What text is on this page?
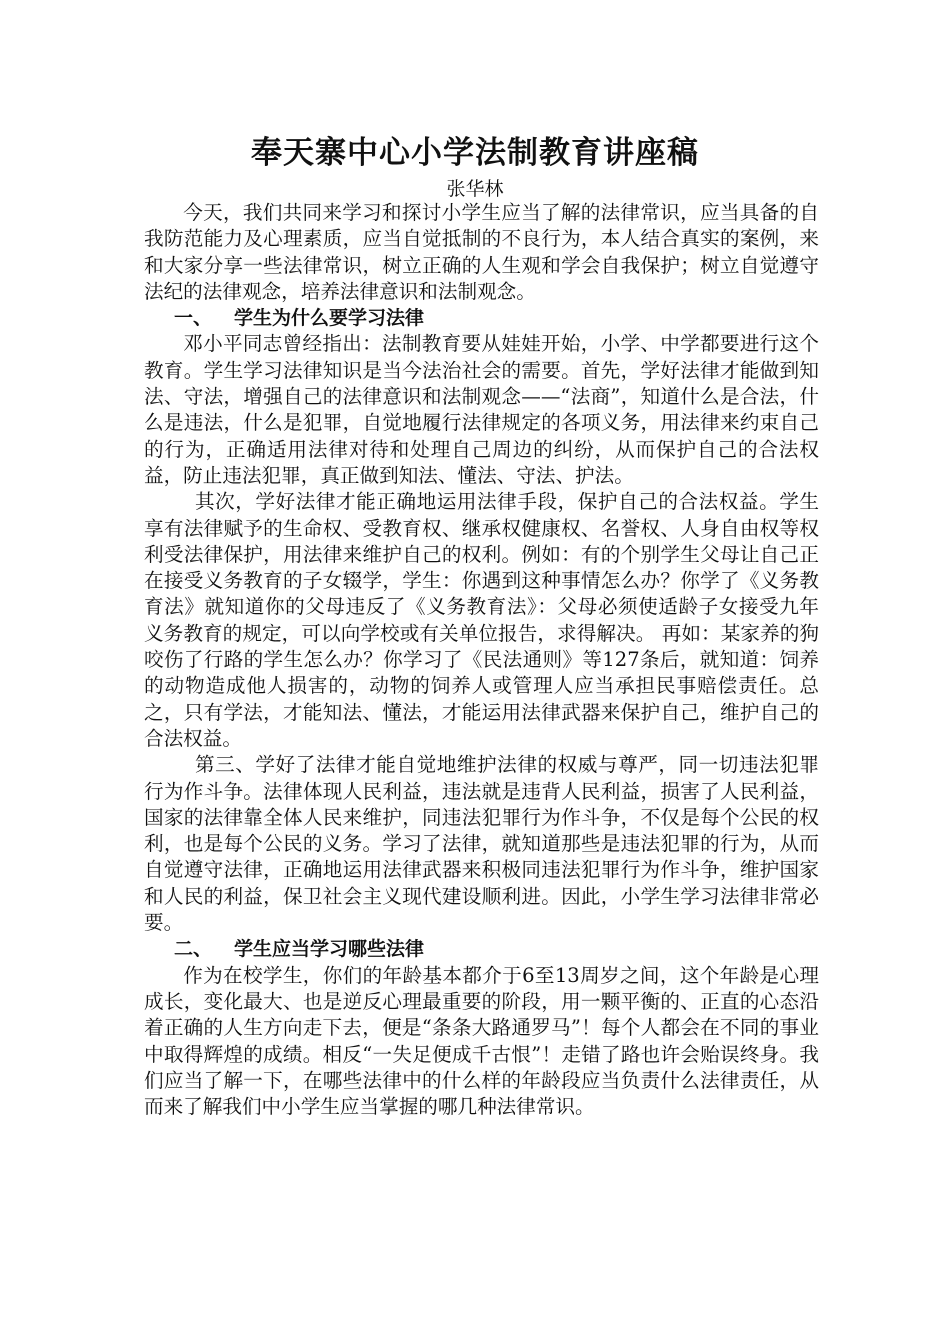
奉天寨中心小学法制教育讲座稿
张华林

今天，我们共同来学习和探讨小学生应当了解的法律常识，应当具备的自我防范能力及心理素质，应当自觉抵制的不良行为，本人结合真实的案例，来和大家分享一些法律常识，树立正确的人生观和学会自我保护；树立自觉遵守法纪的法律观念，培养法律意识和法制观念。

一、 学生为什么要学习法律

邓小平同志曾经指出：法制教育要从娃娃开始，小学、中学都要进行这个教育。学生学习法律知识是当今法治社会的需要。首先，学好法律才能做到知法、守法，增强自己的法律意识和法制观念——“法商”，知道什么是合法，什么是违法，什么是犯罪，自觉地履行法律规定的各项义务，用法律来约束自己的行为，正确适用法律对待和处理自己周边的纠纷，从而保护自己的合法权益，防止违法犯罪，真正做到知法、懂法、守法、护法。

其次，学好法律才能正确地运用法律手段，保护自己的合法权益。学生享有法律赋予的生命权、受教育权、继承权健康权、名誉权、人身自由权等权利受法律保护，用法律来维护自己的权利。例如：有的个别学生父母让自己正在接受义务教育的子女辍学，学生：你遇到这种事情怎么办？你学了《义务教育法》就知道你的父母违反了《义务教育法》：父母必须使适龄子女接受九年义务教育的规定，可以向学校或有关单位报告，求得解决。 再如：某家养的狗咬伤了行路的学生怎么办？你学习了《民法通则》等127条后，就知道：饲养的动物造成他人损害的，动物的饲养人或管理人应当承担民事赔偿责任。总之，只有学法，才能知法、懂法，才能运用法律武器来保护自己，维护自己的合法权益。

第三、学好了法律才能自觉地维护法律的权威与尊严，同一切违法犯罪行为作斗争。法律体现人民利益，违法就是违背人民利益，损害了人民利益，国家的法律靠全体人民来维护，同违法犯罪行为作斗争，不仅是每个公民的权利，也是每个公民的义务。学习了法律，就知道那些是违法犯罪的行为，从而自觉遵守法律，正确地运用法律武器来积极同违法犯罪行为作斗争，维护国家和人民的利益，保卫社会主义现代建设顺利进。因此，小学生学习法律非常必要。

二、 学生应当学习哪些法律

作为在校学生，你们的年龄基本都介于6至13周岁之间，这个年龄是心理成长，变化最大、也是逆反心理最重要的阶段，用一颗平衡的、正直的心态沿着正确的人生方向走下去，便是“条条大路通罗马”！每个人都会在不同的事业中取得辉煌的成绩。相反“一失足便成千古恨”！走错了路也许会贻误终身。我们应当了解一下，在哪些法律中的什么样的年龄段应当负责什么法律责任，从而来了解我们中小学生应当掌握的哪几种法律常识。
